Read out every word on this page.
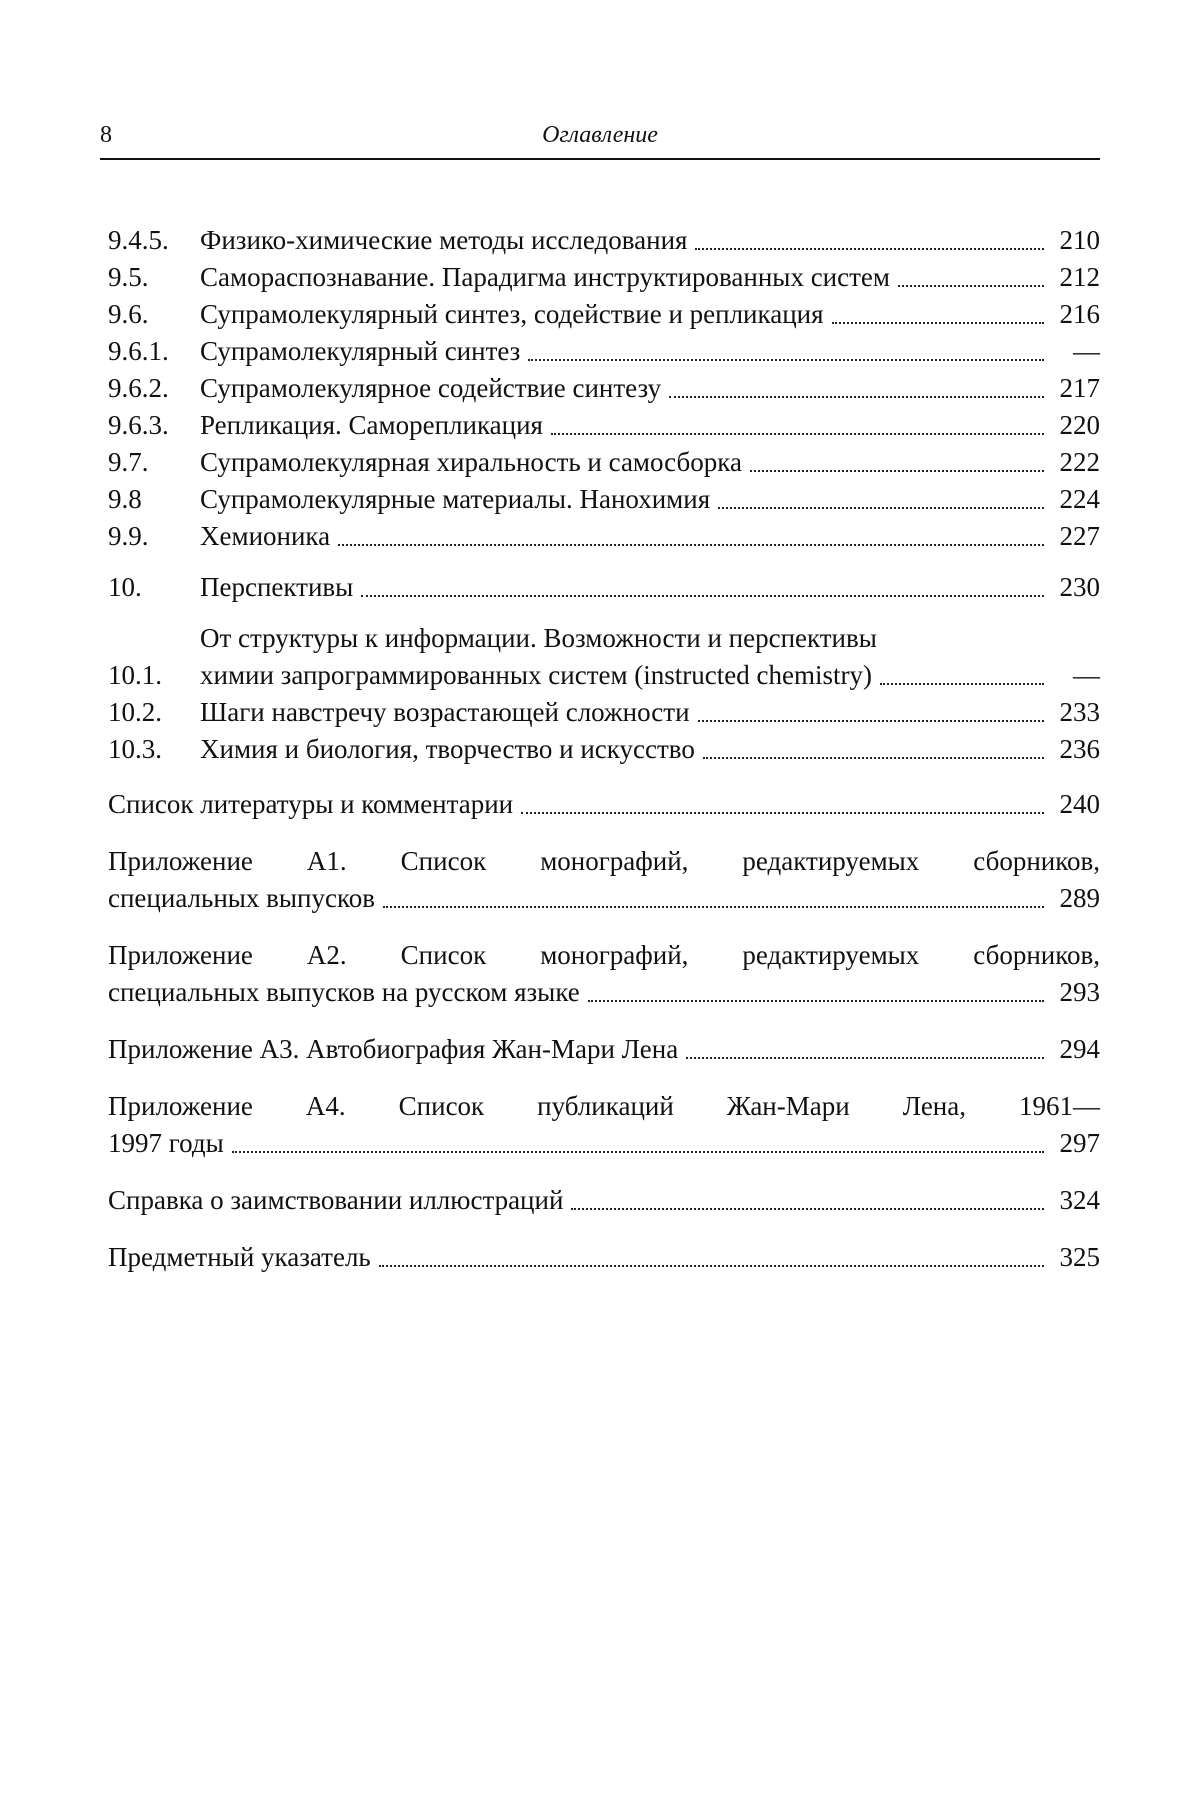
8	Оглавление
9.4.5.	Физико-химические методы исследования	210
9.5.	Самораспознавание. Парадигма инструктированных систем	212
9.6.	Супрамолекулярный синтез, содействие и репликация	216
9.6.1.	Супрамолекулярный синтез	—
9.6.2.	Супрамолекулярное содействие синтезу	217
9.6.3.	Репликация. Саморепликация	220
9.7.	Супрамолекулярная хиральность и самосборка	222
9.8	Супрамолекулярные материалы. Нанохимия	224
9.9.	Хемионика	227
10.	Перспективы	230
10.1.
От структуры к информации. Возможности и перспективы
химии запрограммированных систем (instructed chemistry)	—
10.2.	Шаги навстречу возрастающей сложности	233
10.3.	Химия и биология, творчество и искусство	236
Список литературы и комментарии	240
Приложение A1. Список монографий, редактируемых сборников,
специальных выпусков	289
Приложение A2. Список монографий, редактируемых сборников,
специальных выпусков на русском языке	293
Приложение A3. Автобиография Жан-Мари Лена	294
Приложение A4. Список публикаций Жан-Мари Лена, 1961—
1997 годы	297
Справка о заимствовании иллюстраций	324
Предметный указатель	325
